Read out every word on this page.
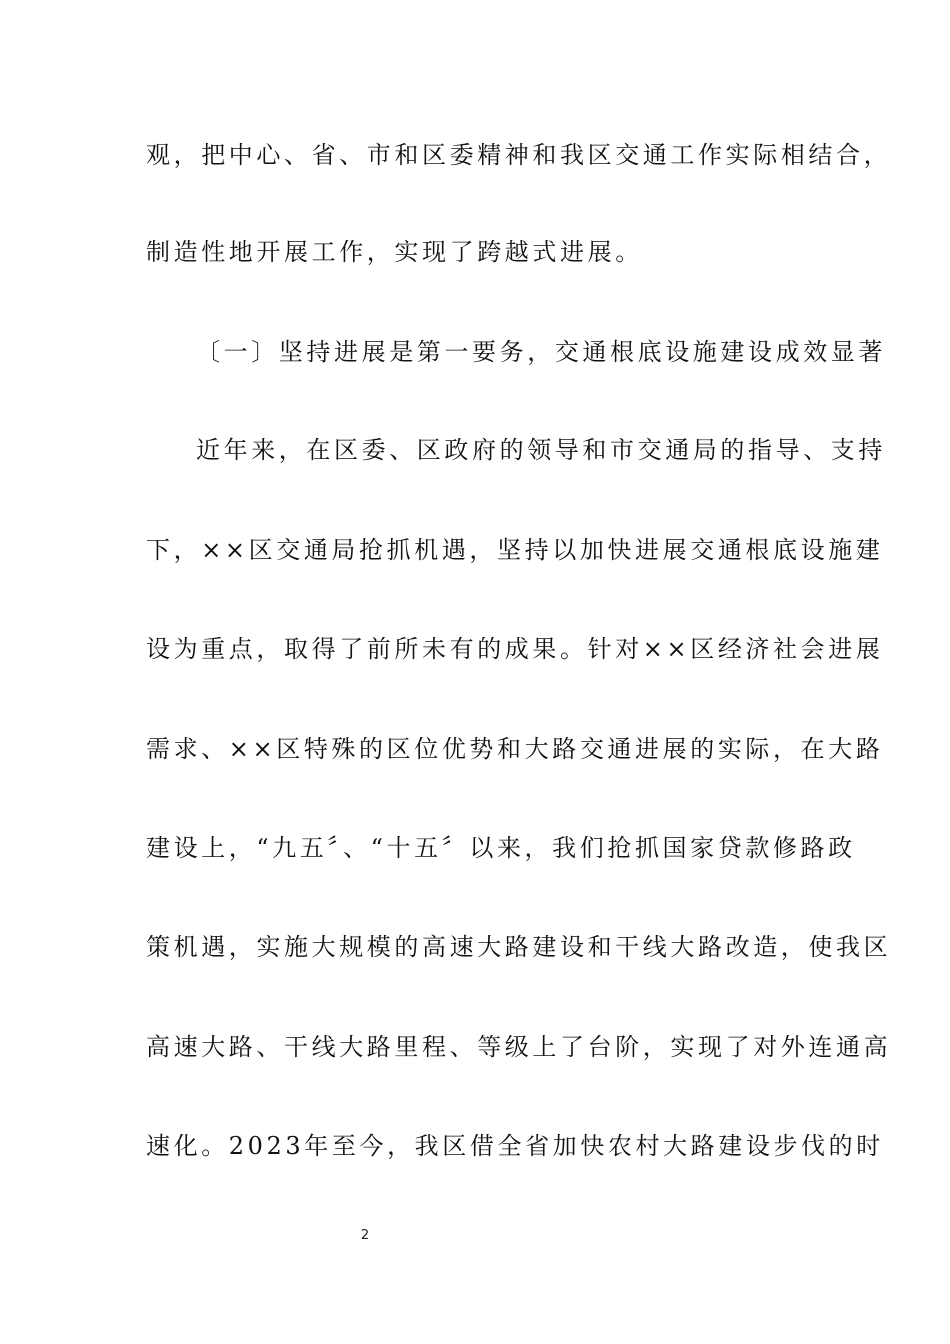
观，把中心、省、市和区委精神和我区交通工作实际相结合，
制造性地开展工作，实现了跨越式进展。
〔一〕坚持进展是第一要务，交通根底设施建设成效显著
近年来，在区委、区政府的领导和市交通局的指导、支持
下，××区交通局抢抓机遇，坚持以加快进展交通根底设施建
设为重点，取得了前所未有的成果。针对××区经济社会进展
需求、××区特殊的区位优势和大路交通进展的实际，在大路
建设上，“九五〞、“十五〞以来，我们抢抓国家贷款修路政
策机遇，实施大规模的高速大路建设和干线大路改造，使我区
高速大路、干线大路里程、等级上了台阶，实现了对外连通高
速化。2023年至今，我区借全省加快农村大路建设步伐的时
2
